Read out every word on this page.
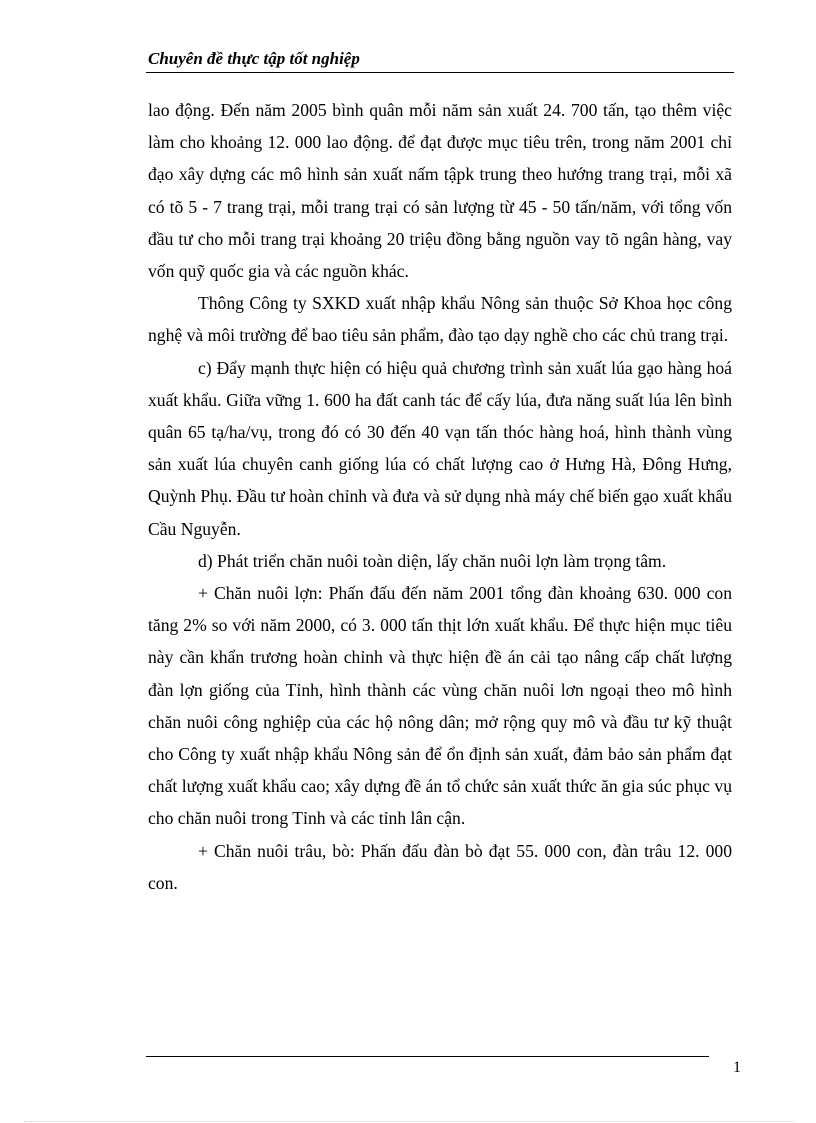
Chuyên đề thực tập tốt nghiệp

lao động. Đến năm 2005 bình quân mỗi năm sản xuất 24. 700 tấn, tạo thêm việc làm cho khoảng 12. 000 lao động. để đạt được mục tiêu trên, trong năm 2001 chỉ đạo xây dựng các mô hình sản xuất nấm tậpk trung theo hướng trang trại, mỗi xã có tõ 5 - 7 trang trại, mỗi trang trại có sản lượng từ 45 - 50 tấn/năm, với tổng vốn đầu tư cho mỗi trang trại khoảng 20 triệu đồng bằng nguồn vay tõ ngân hàng, vay vốn quỹ quốc gia và các nguồn khác.

Thông Công ty SXKD xuất nhập khẩu Nông sản thuộc Sở Khoa học công nghệ và môi trường để bao tiêu sản phẩm, đào tạo dạy nghề cho các chủ trang trại.

c) Đẩy mạnh thực hiện có hiệu quả chương trình sản xuất lúa gạo hàng hoá xuất khẩu. Giữa vững 1. 600 ha đất canh tác để cấy lúa, đưa năng suất lúa lên bình quân 65 tạ/ha/vụ, trong đó có 30 đến 40 vạn tấn thóc hàng hoá, hình thành vùng sản xuất lúa chuyên canh giống lúa có chất lượng cao ở Hưng Hà, Đông Hưng, Quỳnh Phụ. Đầu tư hoàn chỉnh và đưa và sử dụng nhà máy chế biến gạo xuất khẩu Cầu Nguyễn.

d) Phát triển chăn nuôi toàn diện, lấy chăn nuôi lợn làm trọng tâm.

+ Chăn nuôi lợn: Phấn đấu đến năm 2001 tổng đàn khoảng 630. 000 con tăng 2% so với năm 2000, có 3. 000 tấn thịt lớn xuất khẩu. Để thực hiện mục tiêu này cần khẩn trương hoàn chỉnh và thực hiện đề án cải tạo nâng cấp chất lượng đàn lợn giống của Tỉnh, hình thành các vùng chăn nuôi lơn ngoại theo mô hình chăn nuôi công nghiệp của các hộ nông dân; mở rộng quy mô và đầu tư kỹ thuật cho Công ty xuất nhập khẩu Nông sản để ổn định sản xuất, đảm bảo sản phẩm đạt chất lượng xuất khẩu cao; xây dựng đề án tổ chức sản xuất thức ăn gia súc phục vụ cho chăn nuôi trong Tỉnh và các tỉnh lân cận.

+ Chăn nuôi trâu, bò: Phấn đấu đàn bò đạt 55. 000 con, đàn trâu 12. 000 con.

1
